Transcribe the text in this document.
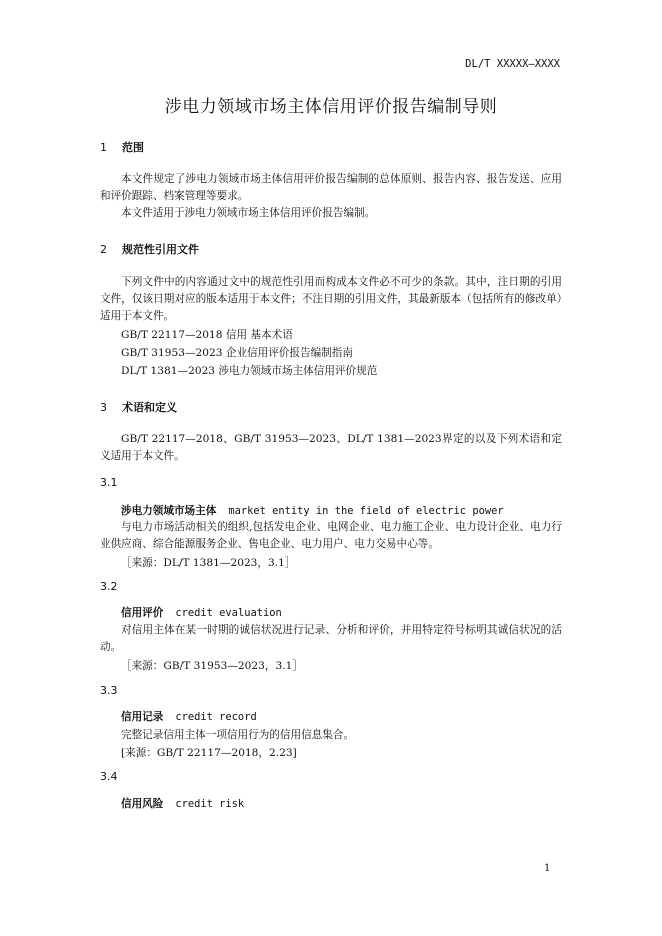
DL/T XXXXX—XXXX
涉电力领域市场主体信用评价报告编制导则
1 范围
本文件规定了涉电力领域市场主体信用评价报告编制的总体原则、报告内容、报告发送、应用和评价跟踪、档案管理等要求。
本文件适用于涉电力领域市场主体信用评价报告编制。
2 规范性引用文件
下列文件中的内容通过文中的规范性引用而构成本文件必不可少的条款。其中，注日期的引用文件，仅该日期对应的版本适用于本文件；不注日期的引用文件，其最新版本（包括所有的修改单）适用于本文件。
GB/T 22117—2018 信用 基本术语
GB/T 31953—2023 企业信用评价报告编制指南
DL/T 1381—2023 涉电力领域市场主体信用评价规范
3 术语和定义
GB/T 22117—2018、GB/T 31953—2023、DL/T 1381—2023界定的以及下列术语和定义适用于本文件。
3.1
涉电力领域市场主体 market entity in the field of electric power
与电力市场活动相关的组织,包括发电企业、电网企业、电力施工企业、电力设计企业、电力行业供应商、综合能源服务企业、售电企业、电力用户、电力交易中心等。
［来源：DL/T 1381—2023，3.1］
3.2
信用评价 credit evaluation
对信用主体在某一时期的诚信状况进行记录、分析和评价，并用特定符号标明其诚信状况的活动。
［来源：GB/T 31953—2023，3.1］
3.3
信用记录 credit record
完整记录信用主体一项信用行为的信用信息集合。
[来源：GB/T 22117—2018，2.23]
3.4
信用风险 credit risk
1
